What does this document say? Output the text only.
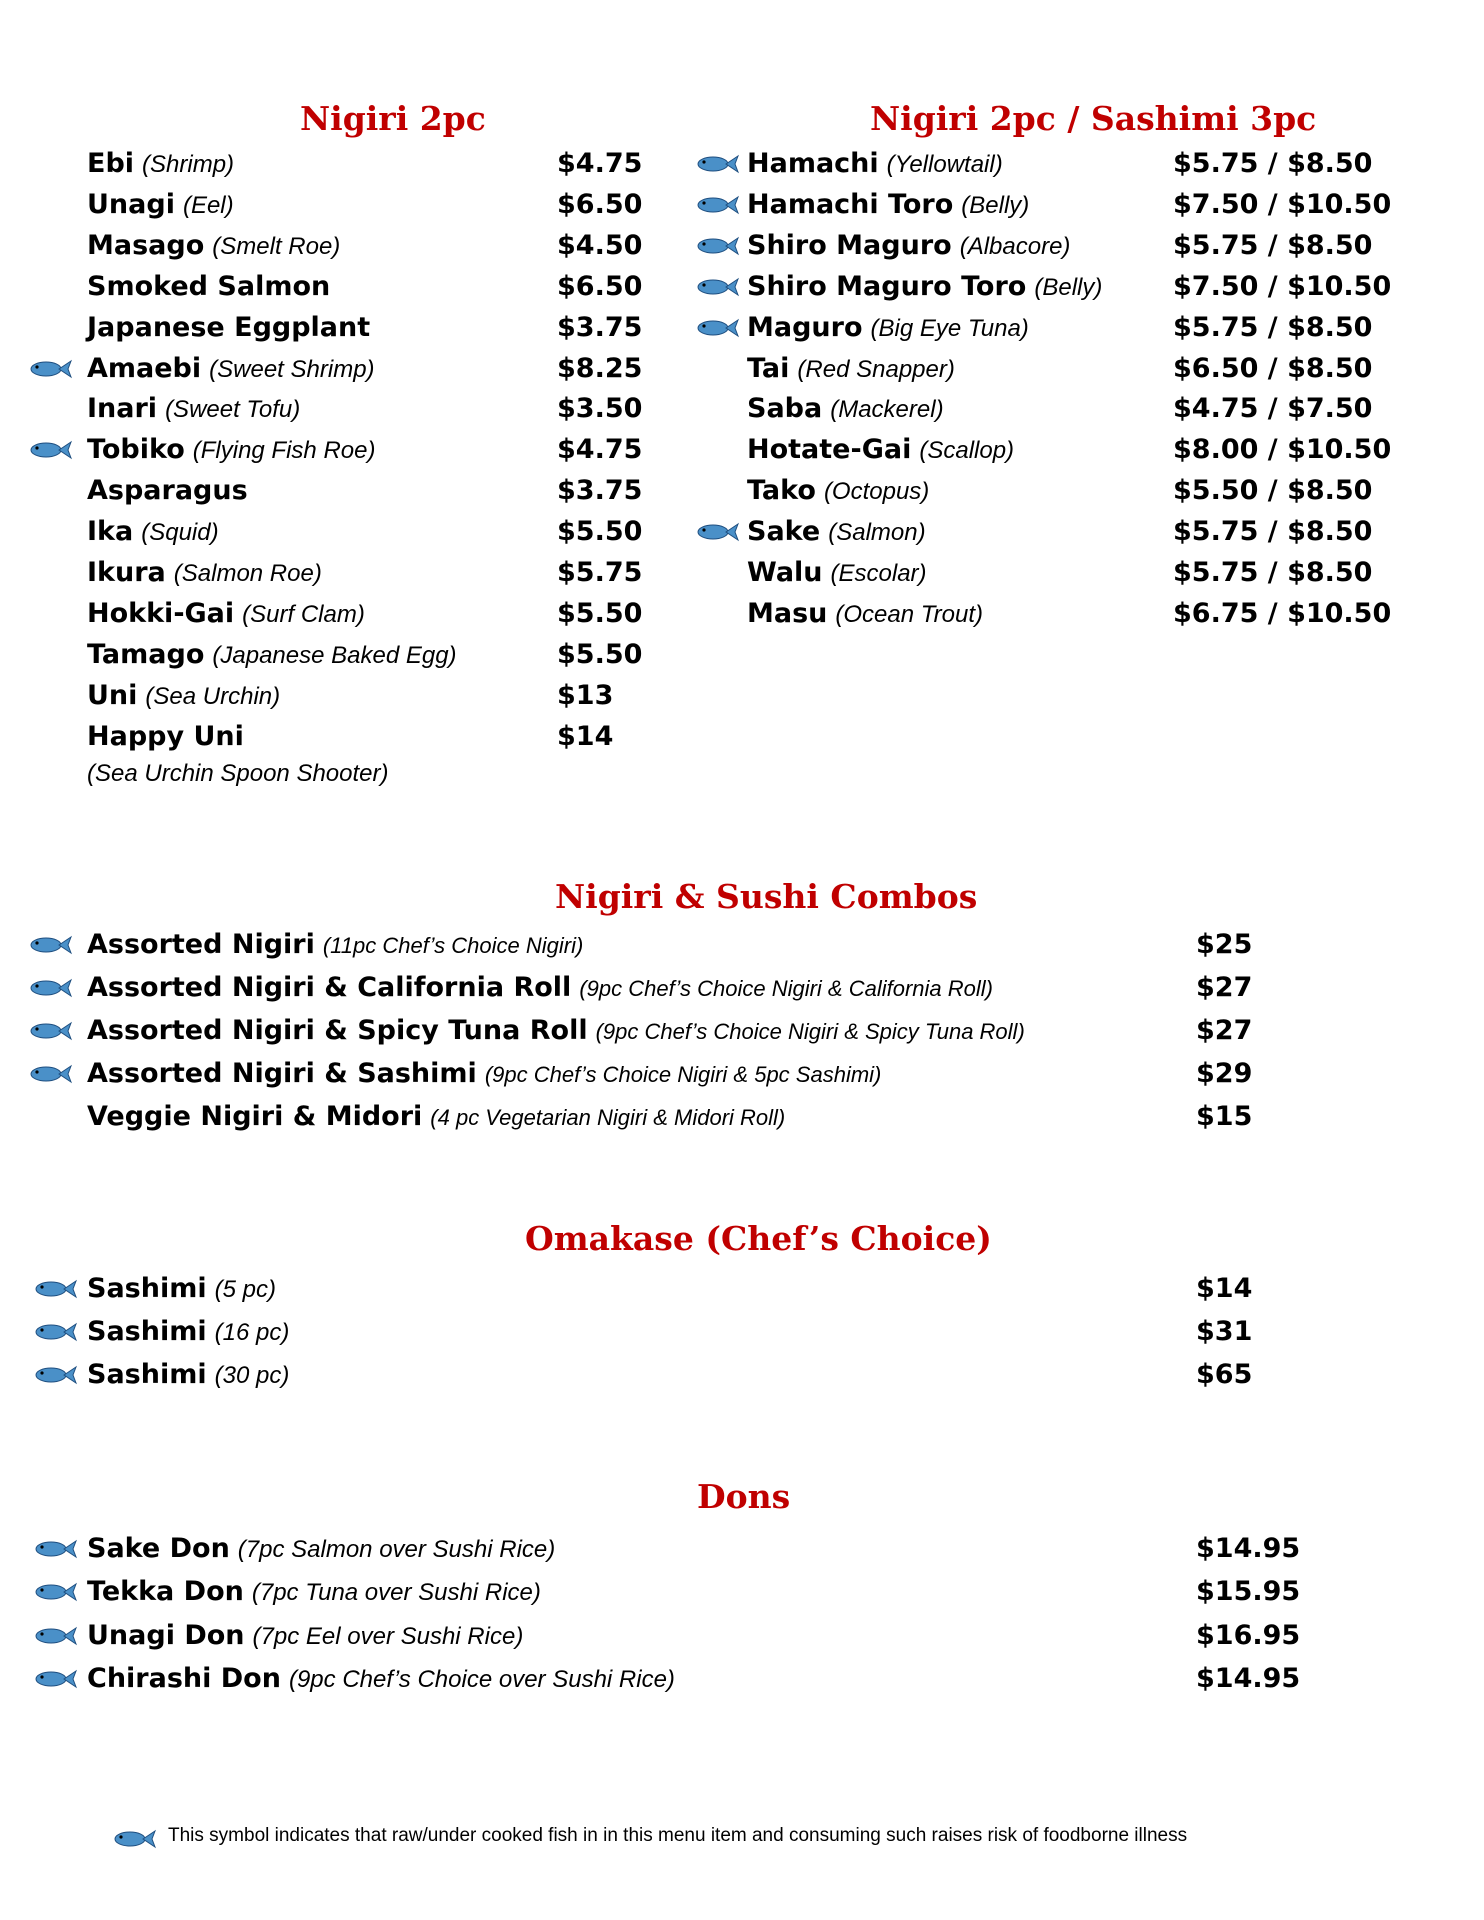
Nigiri 2pc	Nigiri 2pc / Sashimi 3pc
Nigiri & Sushi Combos
Omakase (Chef’s Choice)
Dons
Ebi (Shrimp)	$4.75
Unagi (Eel)	$6.50
Masago (Smelt Roe)	$4.50
Smoked Salmon	$6.50
Japanese Eggplant	$3.75
Amaebi (Sweet Shrimp)	$8.25
Inari (Sweet Tofu)	$3.50
Tobiko (Flying Fish Roe)	$4.75
Asparagus	$3.75
Ika (Squid)	$5.50
Ikura (Salmon Roe)	$5.75
Hokki-Gai (Surf Clam)	$5.50
Tamago (Japanese Baked Egg)	$5.50
Uni (Sea Urchin)	$13
Happy Uni	$14
Hamachi (Yellowtail)	$5.75 / $8.50
Hamachi Toro (Belly)	$7.50 / $10.50
Shiro Maguro (Albacore)	$5.75 / $8.50
Shiro Maguro Toro (Belly)	$7.50 / $10.50
Maguro (Big Eye Tuna)	$5.75 / $8.50
Tai (Red Snapper)	$6.50 / $8.50
Saba (Mackerel)	$4.75 / $7.50
Hotate-Gai (Scallop)	$8.00 / $10.50
Tako (Octopus)	$5.50 / $8.50
Sake (Salmon)	$5.75 / $8.50
Walu (Escolar)	$5.75 / $8.50
Masu (Ocean Trout)	$6.75 / $10.50
Assorted Nigiri (11pc Chef’s Choice Nigiri)	$25
Assorted Nigiri & California Roll (9pc Chef’s Choice Nigiri & California Roll)	$27
Assorted Nigiri & Spicy Tuna Roll (9pc Chef’s Choice Nigiri & Spicy Tuna Roll)	$27
Assorted Nigiri & Sashimi (9pc Chef’s Choice Nigiri & 5pc Sashimi)	$29
Veggie Nigiri & Midori (4 pc Vegetarian Nigiri & Midori Roll)	$15
Sashimi (5 pc)	$14
Sashimi (16 pc)	$31
Sashimi (30 pc)	$65
Sake Don (7pc Salmon over Sushi Rice)	$14.95
Tekka Don (7pc Tuna over Sushi Rice)	$15.95
Unagi Don (7pc Eel over Sushi Rice)	$16.95
Chirashi Don (9pc Chef’s Choice over Sushi Rice)	$14.95
(Sea Urchin Spoon Shooter)
This symbol indicates that raw/under cooked fish in in this menu item and consuming such raises risk of foodborne illness
